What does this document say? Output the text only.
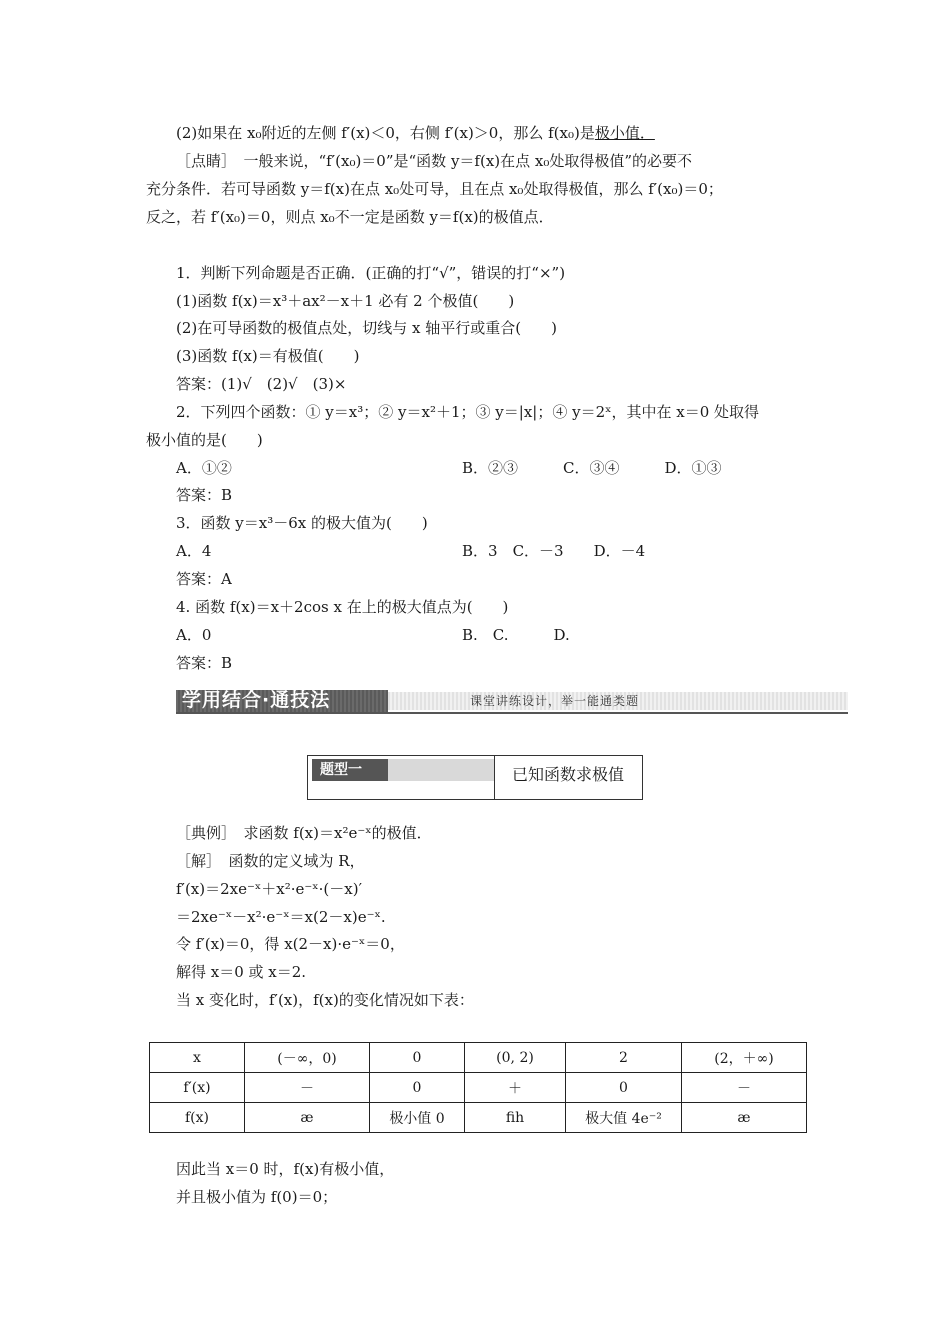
(2)如果在 x₀附近的左侧 f′(x)＜0，右侧 f′(x)＞0，那么 f(x₀)是极小值．
［点睛］　一般来说，“f′(x₀)＝0”是“函数 y＝f(x)在点 x₀处取得极值”的必要不
充分条件．若可导函数 y＝f(x)在点 x₀处可导，且在点 x₀处取得极值，那么 f′(x₀)＝0；
反之，若 f′(x₀)＝0，则点 x₀不一定是函数 y＝f(x)的极值点．
1．判断下列命题是否正确．(正确的打“√”，错误的打“×”)
(1)函数 f(x)＝x³＋ax²－x＋1 必有 2 个极值(　　)
(2)在可导函数的极值点处，切线与 x 轴平行或重合(　　)
(3)函数 f(x)＝有极值(　　)
答案：(1)√　(2)√　(3)×
2．下列四个函数：① y＝x³；② y＝x²＋1；③ y＝|x|；④ y＝2ˣ，其中在 x＝0 处取得
极小值的是(　　)
A．①②	B．②③　　　C．③④　　　D．①③
答案：B
3．函数 y＝x³－6x 的极大值为(　　)
A．4	B．3　C．－3　　D．－4
答案：A
4. 函数 f(x)＝x＋2cos x 在上的极大值点为(　　)
A．0	B.　C.　　　D.
答案：B
学用结合·通技法	课堂讲练设计，举一能通类题
题型一	已知函数求极值
［典例］　求函数 f(x)＝x²e⁻ˣ的极值．
［解］　函数的定义域为 R，
f′(x)＝2xe⁻ˣ＋x²·e⁻ˣ·(－x)′
＝2xe⁻ˣ－x²·e⁻ˣ＝x(2－x)e⁻ˣ.
令 f′(x)＝0，得 x(2－x)·e⁻ˣ＝0，
解得 x＝0 或 x＝2.
当 x 变化时，f′(x)，f(x)的变化情况如下表：
x	(－∞，0)	0	(0, 2)	2	(2，＋∞)
f′(x)	－	0	＋	0	－
f(x)	æ	极小值 0	ﬁh	极大值 4e⁻²	æ
因此当 x＝0 时，f(x)有极小值，
并且极小值为 f(0)＝0；
